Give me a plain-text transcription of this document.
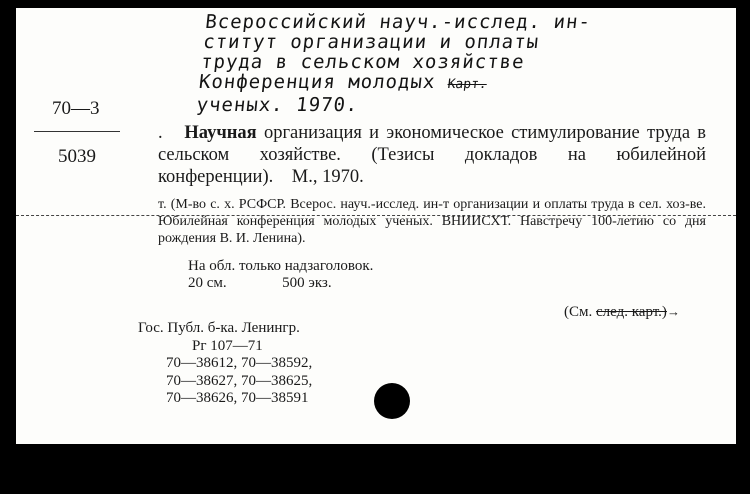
Всероссийский науч.-исслед. ин-
ститут организации и оплаты
труда в сельском хозяйстве
Конференция молодых Карт.
ученых. 1970.
70—3
5039
. Научная организация и экономическое стимулирование труда в сельском хозяйстве. (Тезисы докладов на юбилейной конференции). М., 1970.
т. (М-во с. х. РСФСР. Всерос. науч.-исслед. ин-т организации и оплаты труда в сел. хоз-ве. Юбилейная конференция молодых ученых. ВНИИСХТ. Навстречу 100-летию со дня рождения В. И. Ленина).
На обл. только надзаголовок.
20 см.	500 экз.
(См. след. карт.)→
Гос. Публ. б-ка. Ленингр.
Рг 107—71
70—38612, 70—38592,
70—38627, 70—38625,
70—38626, 70—38591
